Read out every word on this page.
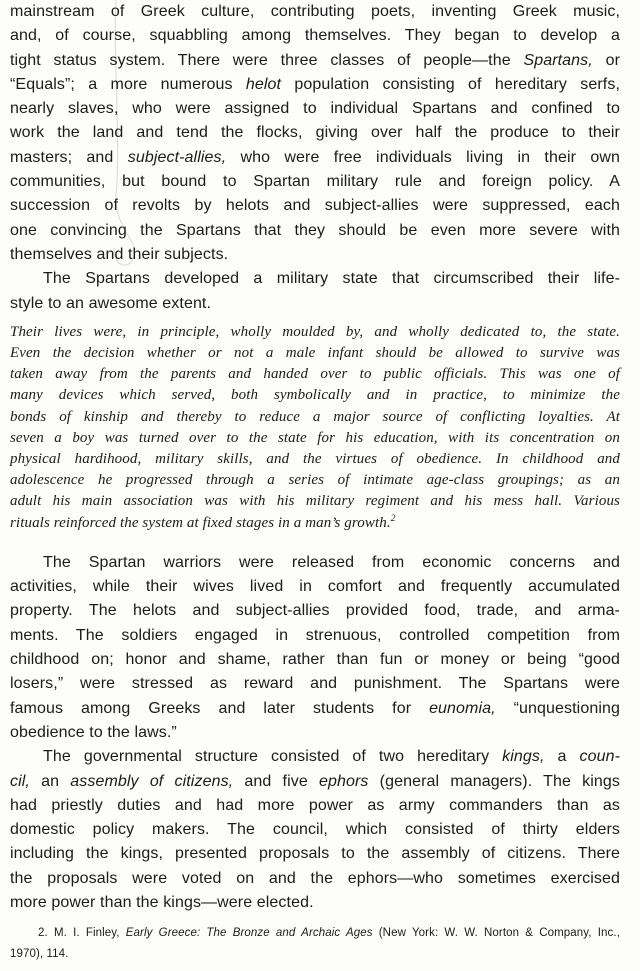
mainstream of Greek culture, contributing poets, inventing Greek music,
and, of course, squabbling among themselves. They began to develop a
tight status system. There were three classes of people—the Spartans, or
“Equals”; a more numerous helot population consisting of hereditary serfs,
nearly slaves, who were assigned to individual Spartans and confined to
work the land and tend the flocks, giving over half the produce to their
masters; and subject-allies, who were free individuals living in their own
communities, but bound to Spartan military rule and foreign policy. A
succession of revolts by helots and subject-allies were suppressed, each
one convincing the Spartans that they should be even more severe with
themselves and their subjects.
The Spartans developed a military state that circumscribed their life-
style to an awesome extent.
Their lives were, in principle, wholly moulded by, and wholly dedicated to, the state.
Even the decision whether or not a male infant should be allowed to survive was
taken away from the parents and handed over to public officials. This was one of
many devices which served, both symbolically and in practice, to minimize the
bonds of kinship and thereby to reduce a major source of conflicting loyalties. At
seven a boy was turned over to the state for his education, with its concentration on
physical hardihood, military skills, and the virtues of obedience. In childhood and
adolescence he progressed through a series of intimate age-class groupings; as an
adult his main association was with his military regiment and his mess hall. Various
rituals reinforced the system at fixed stages in a man’s growth.$^2$
The Spartan warriors were released from economic concerns and
activities, while their wives lived in comfort and frequently accumulated
property. The helots and subject-allies provided food, trade, and arma-
ments. The soldiers engaged in strenuous, controlled competition from
childhood on; honor and shame, rather than fun or money or being “good
losers,” were stressed as reward and punishment. The Spartans were
famous among Greeks and later students for eunomia, “unquestioning
obedience to the laws.”
The governmental structure consisted of two hereditary kings, a coun-
cil, an assembly of citizens, and five ephors (general managers). The kings
had priestly duties and had more power as army commanders than as
domestic policy makers. The council, which consisted of thirty elders
including the kings, presented proposals to the assembly of citizens. There
the proposals were voted on and the ephors—who sometimes exercised
more power than the kings—were elected.
2. M. I. Finley, Early Greece: The Bronze and Archaic Ages (New York: W. W. Norton & Company, Inc.,
1970), 114.
